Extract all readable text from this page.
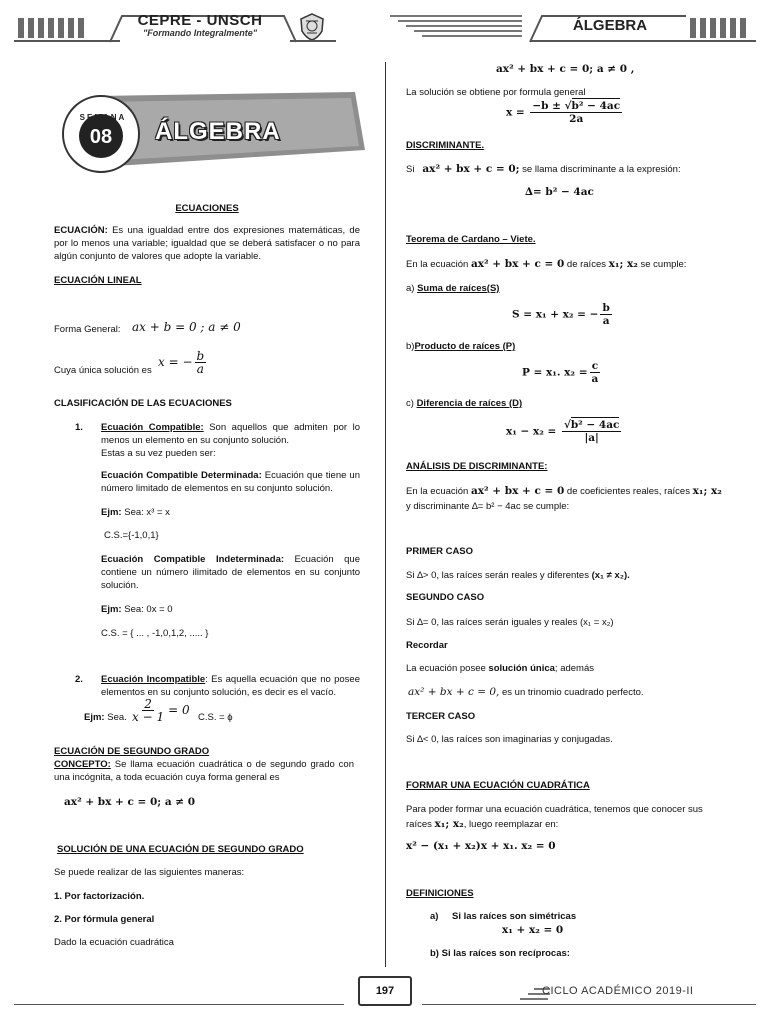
CEPRE - UNSCH
"Formando Integralmente"	ÁLGEBRA
SEMANA
08	ÁLGEBRA
ECUACIONES
ECUACIÓN: Es una igualdad entre dos expresiones matemáticas, de por lo menos una variable; igualdad que se deberá satisfacer o no para algún conjunto de valores que adopte la variable.
ECUACIÓN LINEAL
Forma General: ax + b = 0 ; a ≠ 0
Cuya única solución es
x = − $\frac{b}{a}$
CLASIFICACIÓN DE LAS ECUACIONES
1. Ecuación Compatible: Son aquellos que admiten por lo menos un elemento en su conjunto solución.
Estas a su vez pueden ser:
Ecuación Compatible Determinada: Ecuación que tiene un número limitado de elementos en su conjunto solución.
Ejm: Sea: x³ = x
C.S.={-1,0,1}
Ecuación Compatible Indeterminada: Ecuación que contiene un número ilimitado de elementos en su conjunto solución.
Ejm: Sea: 0x = 0
C.S. = { ... , -1,0,1,2, ..... }
2. Ecuación Incompatible: Es aquella ecuación que no posee elementos en su conjunto solución, es decir es el vacío.
Ejm: Sea. $\frac{2}{x - 1} = 0$
C.S. = ϕ
ECUACIÓN DE SEGUNDO GRADO
CONCEPTO: Se llama ecuación cuadrática o de segundo grado con una incógnita, a toda ecuación cuya forma general es
ax² + bx + c = 0; a ≠ 0
SOLUCIÓN DE UNA ECUACIÓN DE SEGUNDO GRADO
Se puede realizar de las siguientes maneras:
1. Por factorización.
2. Por fórmula general
Dado la ecuación cuadrática
ax² + bx + c = 0; a ≠ 0 ,
La solución se obtiene por formula general
$x = \frac{\text{−b ± √b² − 4ac}}{2a}$
DISCRIMINANTE.
Si ax² + bx + c = 0; se llama discriminante a la expresión:
∆= b² − 4ac
Teorema de Cardano – Viete.
En la ecuación ax² + bx + c = 0 de raíces x₁; x₂ se cumple:
a) Suma de raíces(S)
S = x₁ + x₂ = − $\frac{b}{a}$
b)Producto de raíces (P)
P = x₁. $x_2 = \frac{c}{a}$
c) Diferencia de raíces (D)
$x_1 - x_2 = \frac{\text{√b² − 4ac}}{|a|}$
ANÁLISIS DE DISCRIMINANTE:
En la ecuación ax² + bx + c = 0 de coeficientes reales, raíces x₁; x₂ y discriminante ∆= b² − 4ac se cumple:
PRIMER CASO
Si ∆> 0, las raíces serán reales y diferentes (x₁ ≠ x₂).
SEGUNDO CASO
Si ∆= 0, las raíces serán iguales y reales (x₁ = x₂)
Recordar
La ecuación posee solución única; además
ax² + bx + c = 0, es un trinomio cuadrado perfecto.
TERCER CASO
Si ∆< 0, las raíces son imaginarias y conjugadas.
FORMAR UNA ECUACIÓN CUADRÁTICA
Para poder formar una ecuación cuadrática, tenemos que conocer sus raíces x₁; x₂, luego reemplazar en:
x² − (x₁ + x₂)x + x₁. x₂ = 0
DEFINICIONES
a) Si las raíces son simétricas
x₁ + x₂ = 0
b) Si las raíces son recíprocas:
197	CICLO ACADÉMICO 2019-II
